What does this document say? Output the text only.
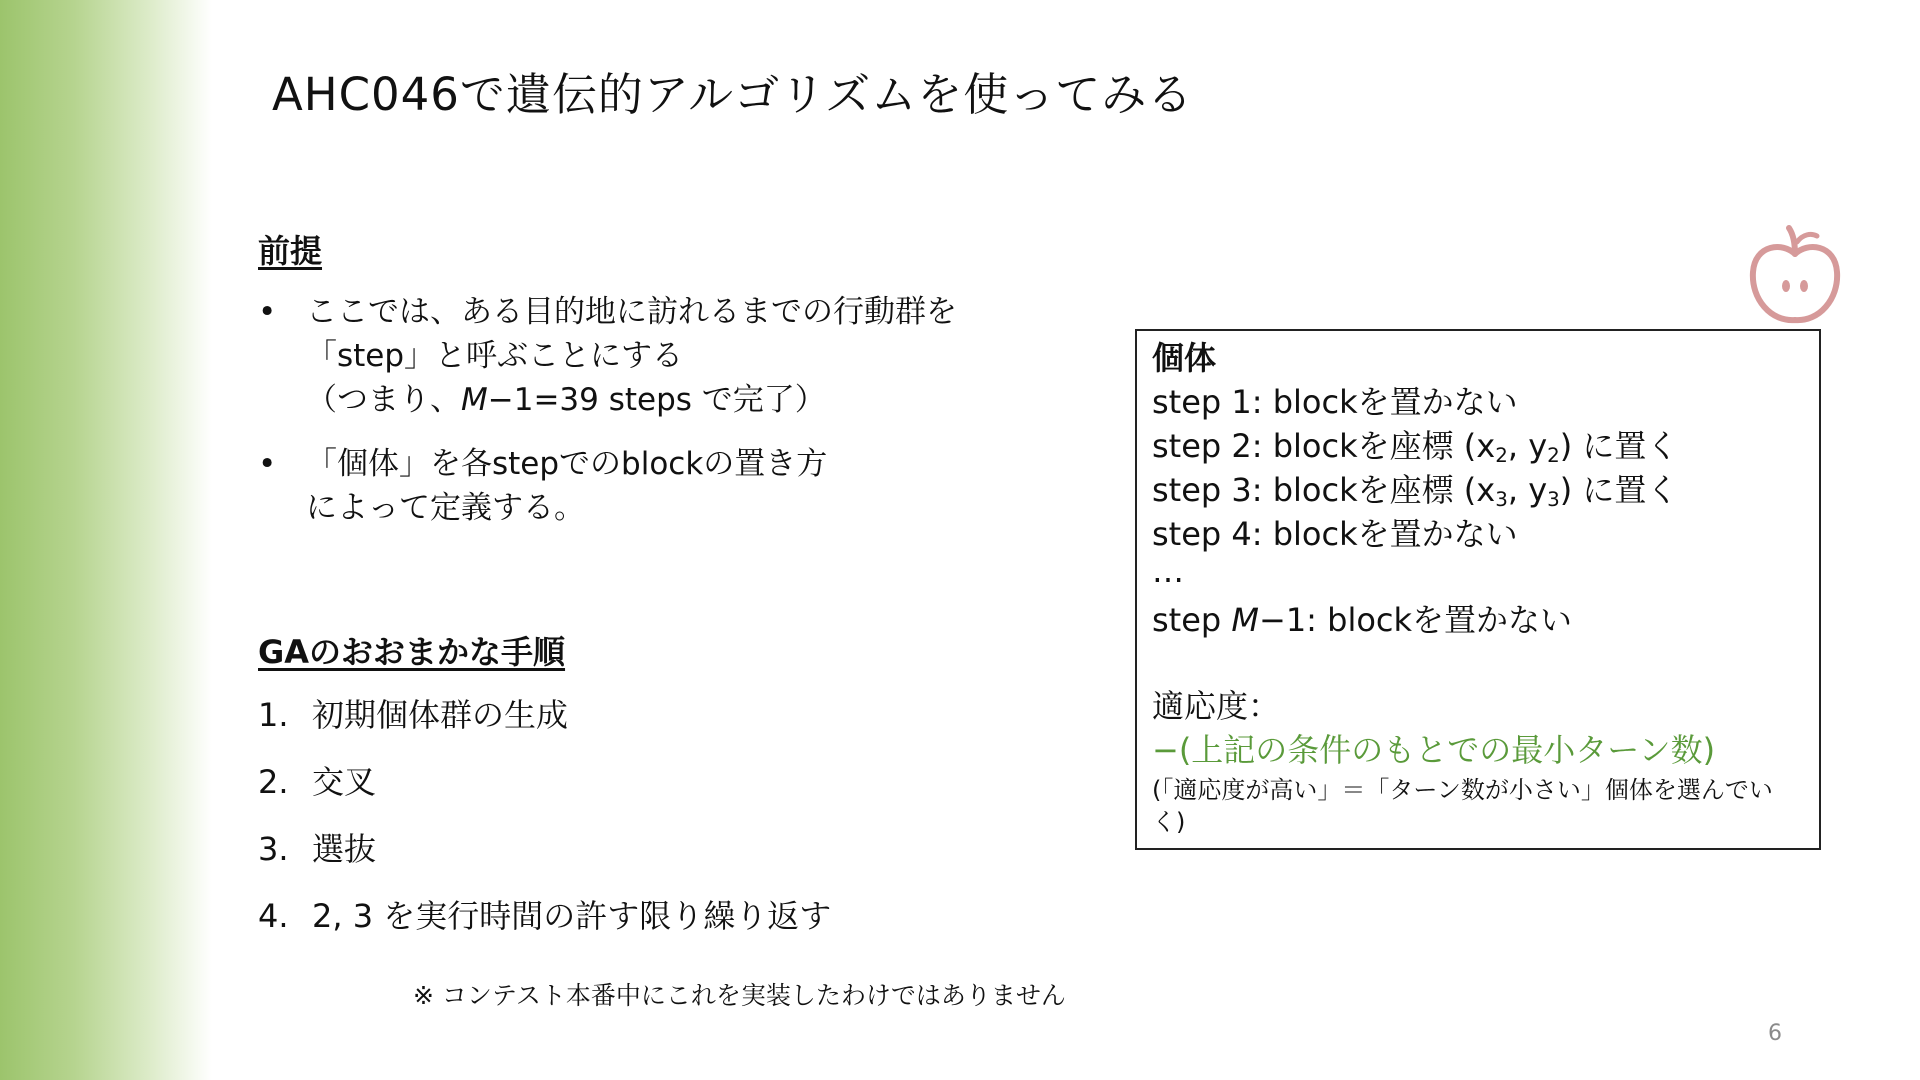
AHC046で遺伝的アルゴリズムを使ってみる
前提
• ここでは、ある目的地に訪れるまでの行動群を
「step」と呼ぶことにする
（つまり、M−1=39 steps で完了）
• 「個体」を各stepでのblockの置き方
によって定義する。
GAのおおまかな手順
1. 初期個体群の生成
2. 交叉
3. 選抜
4. 2, 3 を実行時間の許す限り繰り返す
個体
step 1: blockを置かない
step 2: blockを座標 ($x_2$, $y_2$) に置く
step 3: blockを座標 ($x_3$, $y_3$) に置く
step 4: blockを置かない
…
step M−1: blockを置かない
適応度：
−(上記の条件のもとでの最小ターン数)
(「適応度が高い」＝「ターン数が小さい」個体を選んでいく)
※ コンテスト本番中にこれを実装したわけではありません
6
